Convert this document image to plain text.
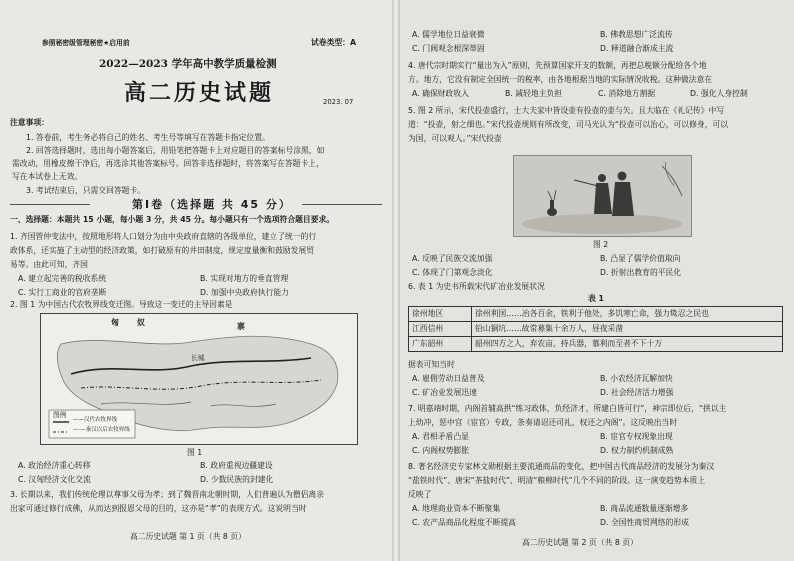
参照秘密级管理秘密★启用前	试卷类型：A
2022—2023 学年高中教学质量检测
高二历史试题	2023. 07
注意事项：
1. 答卷前，考生务必将自己的姓名、考生号等填写在答题卡指定位置。
2. 回答选择题时，选出每小题答案后，用铅笔把答题卡上对应题目的答案标号涂黑，如
需改动，用橡皮擦干净后，再选涂其他答案标号。回答非选择题时，将答案写在答题卡上，
写在本试卷上无效。
3. 考试结束后，只需交回答题卡。
第Ⅰ卷（选择题 共 45 分）
一、选择题：本题共 15 小题，每小题 3 分，共 45 分。每小题只有一个选项符合题目要求。
1. 齐国管仲变法中，按照地形将人口划分为由中央政府直辖的各级单位，建立了统一的行
政体系，还实施了主动型的经济政策，如打破原有的井田制度，规定度量衡和鼓励发展贸
易等。由此可知，齐国
A. 建立起完善的税收系统	B. 实现对地方的垂直管理
C. 实行工商业的官府垄断	D. 加强中央政府执行能力
2. 图 1 为中国古代农牧界线变迁图。导致这一变迁的主导因素是
匈 奴	寨
长城
图例
——汉代农牧界线
—·—秦汉以后农牧界线
图 1
A. 政治经济重心转移	B. 政府重视边疆建设
C. 汉匈经济文化交流	D. 少数民族的封建化
3. 长期以来，我们传统伦理以尊事父母为孝；到了魏晋南北朝时期，人们普遍认为僧侣离亲
出家可通过修行成佛，从而达到报恩父母的目的，这亦是“孝”的表现方式。这说明当时
高二历史试题 第 1 页（共 8 页）
A. 儒学地位日益衰微	B. 佛教思想广泛流传
C. 门阀观念根深蒂固	D. 释道融合渐成主流
4. 唐代宗时期实行“量出为入”原则，先预算国家开支的数额，再把总税额分配给各个地
方。地方，它没有制定全国统一的税率，由各地根据当地的实际情况收税。这种做法意在
A. 确保财政收入	B. 减轻地主负担	C. 消除地方割据	D. 强化人身控制
5. 图 2 所示，宋代投壶盛行，士大夫家中皆设壶有投壶的壶与矢。且大临在《礼记传》中写
道：“投壶，射之细也。”宋代投壶规则有所改变，司马光认为“投壶可以治心，可以修身，可以
为国，可以观人。”宋代投壶
图 2
A. 反映了民族交流加强	B. 凸显了儒学价值取向
C. 体现了门第观念淡化	D. 折射出教育的平民化
6. 表 1 为史书所载宋代矿冶业发展状况
表 1
徐州地区	徐州利国……冶各百余，铁利于他处，多饥寒亡命，强力鸷忍之民也
江西信州	铅山铜坑……故常募集十余万人，昼夜采凿
广东韶州	韶州四方之人，弃农亩，持兵器，慕利而至者不下十万
据表可知当时
A. 雇佣劳动日益普及	B. 小农经济瓦解加快
C. 矿冶业发展迅速	D. 社会经济活力增强
7. 明嘉靖时期，内阁首辅高拱“练习政体，负经济才，所建白皆可行”，神宗即位后，“拱以主
上幼冲，惩中官（宦官）专政，条奏请诏还司礼，权还之内阁”。这反映出当时
A. 君相矛盾凸显	B. 宦官专权现象出现
C. 内阁权势膨胀	D. 权力制约机制成熟
8. 著名经济史专家林文勋根据主要流通商品的变化，把中国古代商品经济的发展分为秦汉
“盐铁时代”、唐宋“茶盐时代”、明清“粮棉时代”几个不同的阶段。这一演变趋势本质上
反映了
A. 地理商业资本不断聚集	B. 商品流通数量逐渐增多
C. 农产品商品化程度不断提高	D. 全国性商贸网络的形成
高二历史试题 第 2 页（共 8 页）
